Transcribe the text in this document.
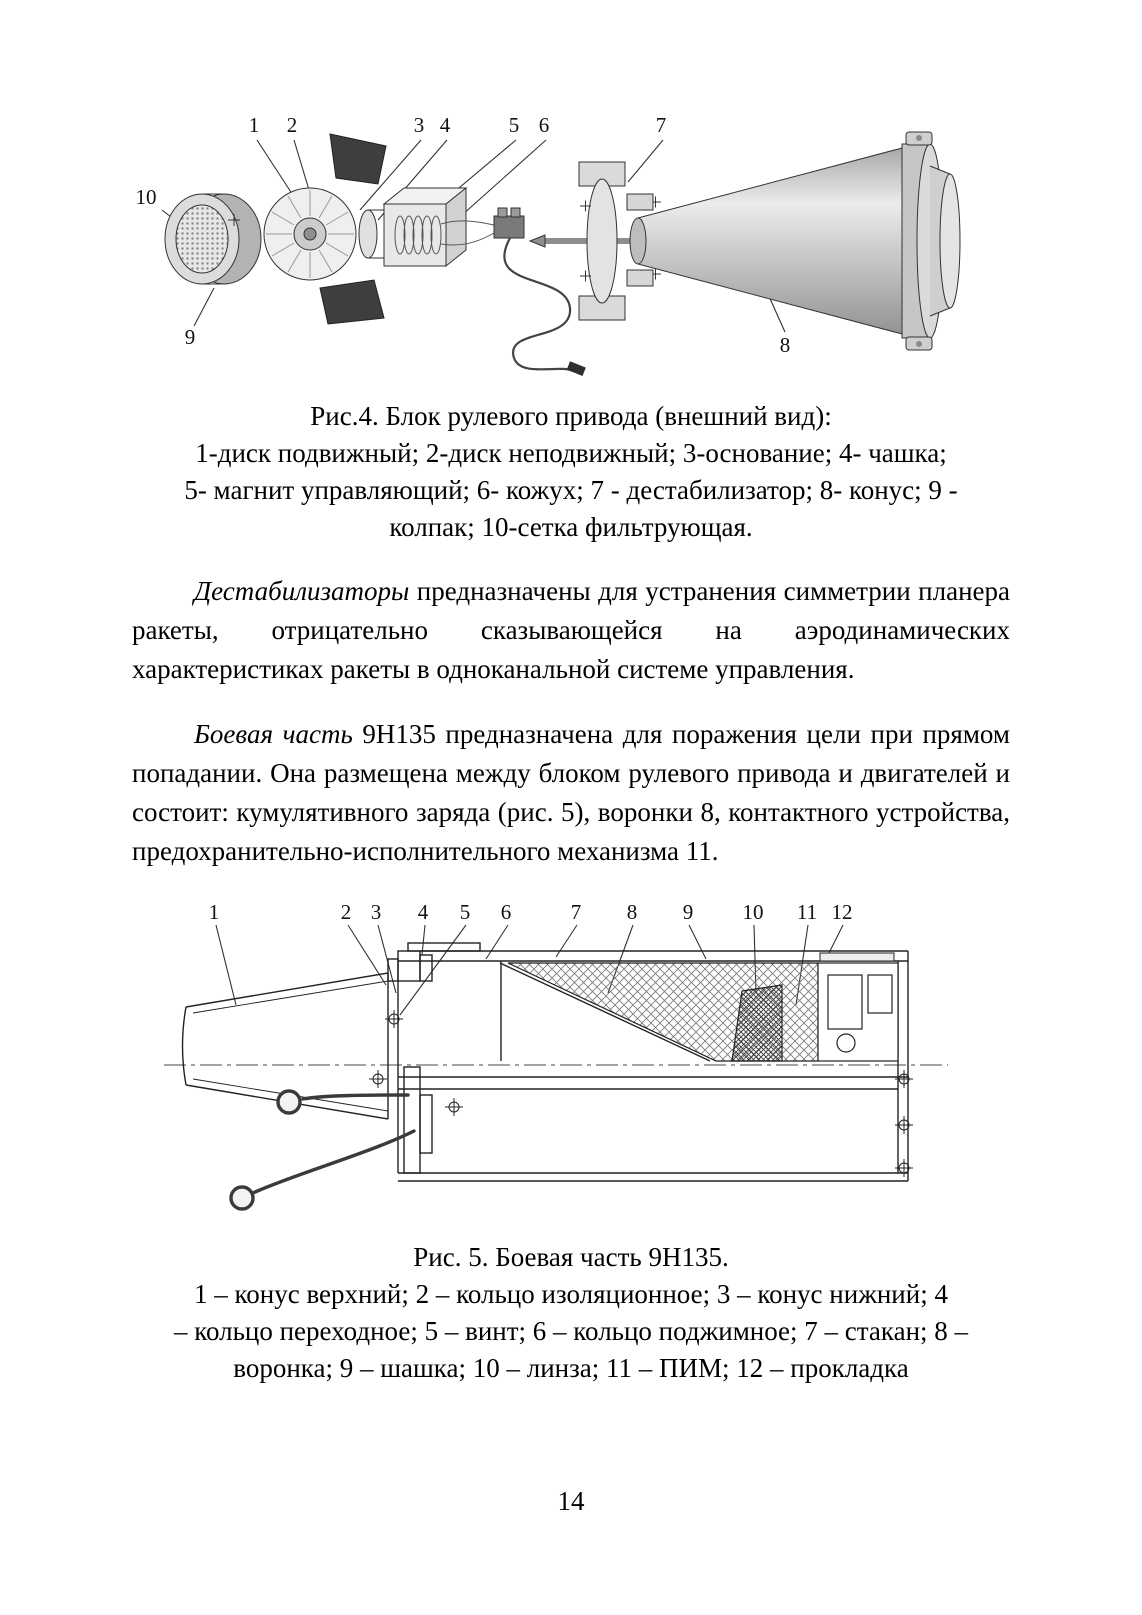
1 2	3 4	5 6	7
8
9
10
Рис.4. Блок рулевого привода (внешний вид):
1-диск подвижный; 2-диск неподвижный; 3-основание; 4- чашка;
5- магнит управляющий; 6- кожух; 7 - дестабилизатор; 8- конус; 9 -
колпак; 10-сетка фильтрующая.

Дестабилизаторы предназначены для устранения симметрии планера ракеты, отрицательно сказывающейся на аэродинамических характеристиках ракеты в одноканальной системе управления.

Боевая часть 9Н135 предназначена для поражения цели при прямом попадании. Она размещена между блоком рулевого привода и двигателей и состоит: кумулятивного заряда (рис. 5), воронки 8, контактного устройства, предохранительно-исполнительного механизма 11.

1	2 3 4 5 6	7 8 9 10 11 12
Рис. 5. Боевая часть 9Н135.
1 – конус верхний; 2 – кольцо изоляционное; 3 – конус нижний; 4
– кольцо переходное; 5 – винт; 6 – кольцо поджимное; 7 – стакан; 8 –
воронка; 9 – шашка; 10 – линза; 11 – ПИМ; 12 – прокладка
14
